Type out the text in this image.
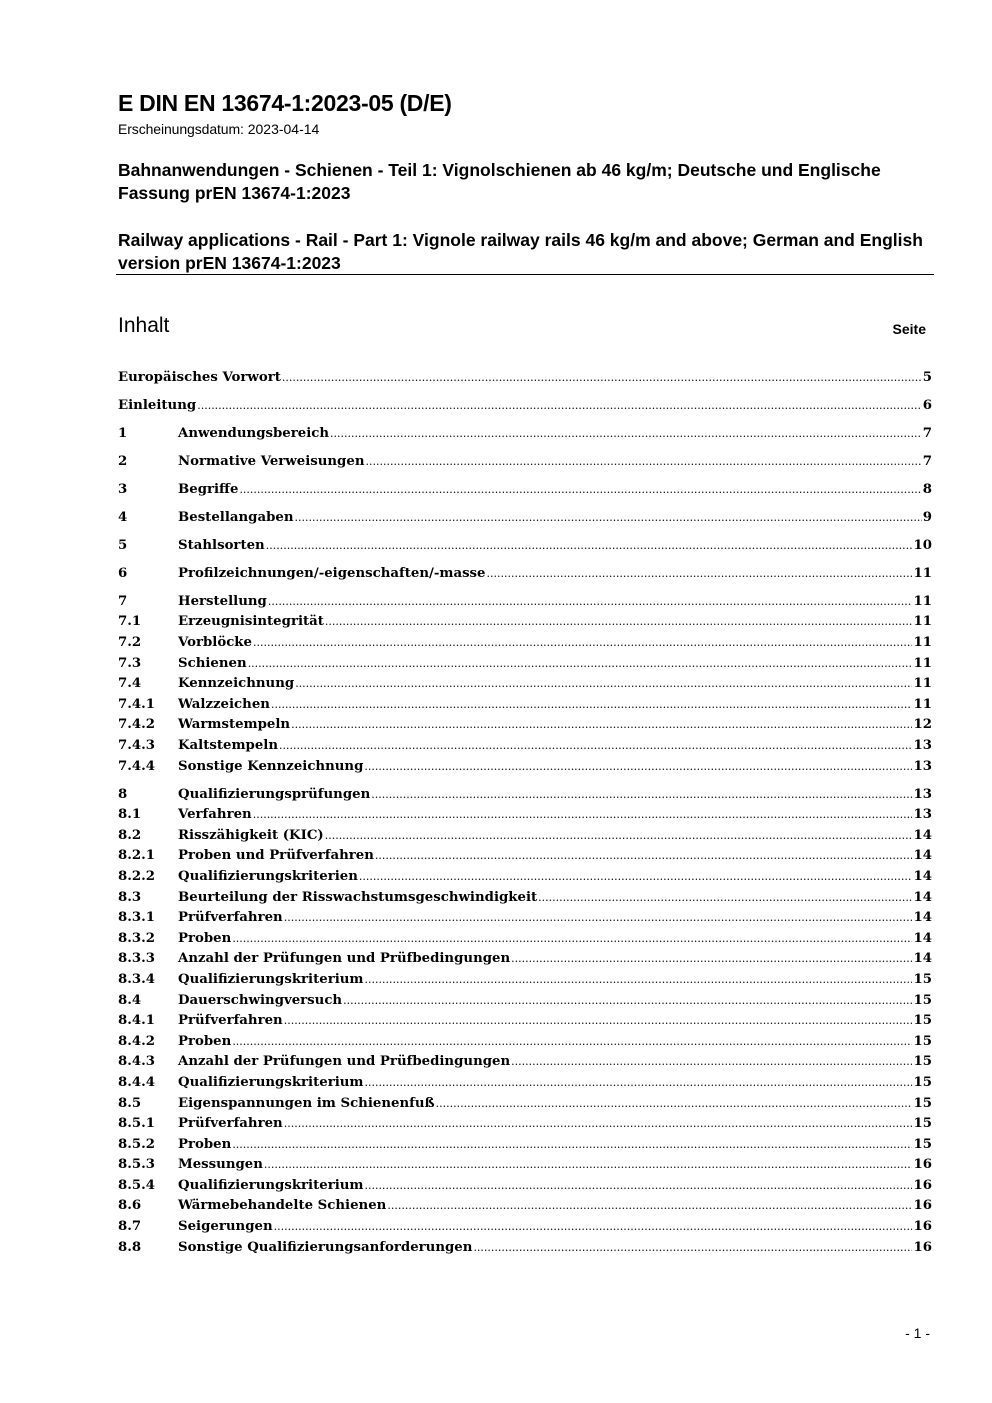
E DIN EN 13674-1:2023-05 (D/E)
Erscheinungsdatum: 2023-04-14
Bahnanwendungen - Schienen - Teil 1: Vignolschienen ab 46 kg/m; Deutsche und Englische Fassung prEN 13674-1:2023
Railway applications - Rail - Part 1: Vignole railway rails 46 kg/m and above; German and English version prEN 13674-1:2023
Inhalt	Seite
Europäisches Vorwort .....	5
Einleitung .....	6
1	Anwendungsbereich .....	7
2	Normative Verweisungen .....	7
3	Begriffe .....	8
4	Bestellangaben .....	9
5	Stahlsorten .....	10
6	Profilzeichnungen/-eigenschaften/-masse .....	11
7	Herstellung .....	11
7.1	Erzeugnisintegrität .....	11
7.2	Vorblöcke .....	11
7.3	Schienen .....	11
7.4	Kennzeichnung .....	11
7.4.1	Walzzeichen .....	11
7.4.2	Warmstempeln .....	12
7.4.3	Kaltstempeln .....	13
7.4.4	Sonstige Kennzeichnung .....	13
8	Qualifizierungsprüfungen .....	13
8.1	Verfahren .....	13
8.2	Risszähigkeit (KIC) .....	14
8.2.1	Proben und Prüfverfahren .....	14
8.2.2	Qualifizierungskriterien .....	14
8.3	Beurteilung der Risswachstumsgeschwindigkeit .....	14
8.3.1	Prüfverfahren .....	14
8.3.2	Proben .....	14
8.3.3	Anzahl der Prüfungen und Prüfbedingungen .....	14
8.3.4	Qualifizierungskriterium .....	15
8.4	Dauerschwingversuch .....	15
8.4.1	Prüfverfahren .....	15
8.4.2	Proben .....	15
8.4.3	Anzahl der Prüfungen und Prüfbedingungen .....	15
8.4.4	Qualifizierungskriterium .....	15
8.5	Eigenspannungen im Schienenfuß .....	15
8.5.1	Prüfverfahren .....	15
8.5.2	Proben .....	15
8.5.3	Messungen .....	16
8.5.4	Qualifizierungskriterium .....	16
8.6	Wärmebehandelte Schienen .....	16
8.7	Seigerungen .....	16
8.8	Sonstige Qualifizierungsanforderungen .....	16
- 1 -
